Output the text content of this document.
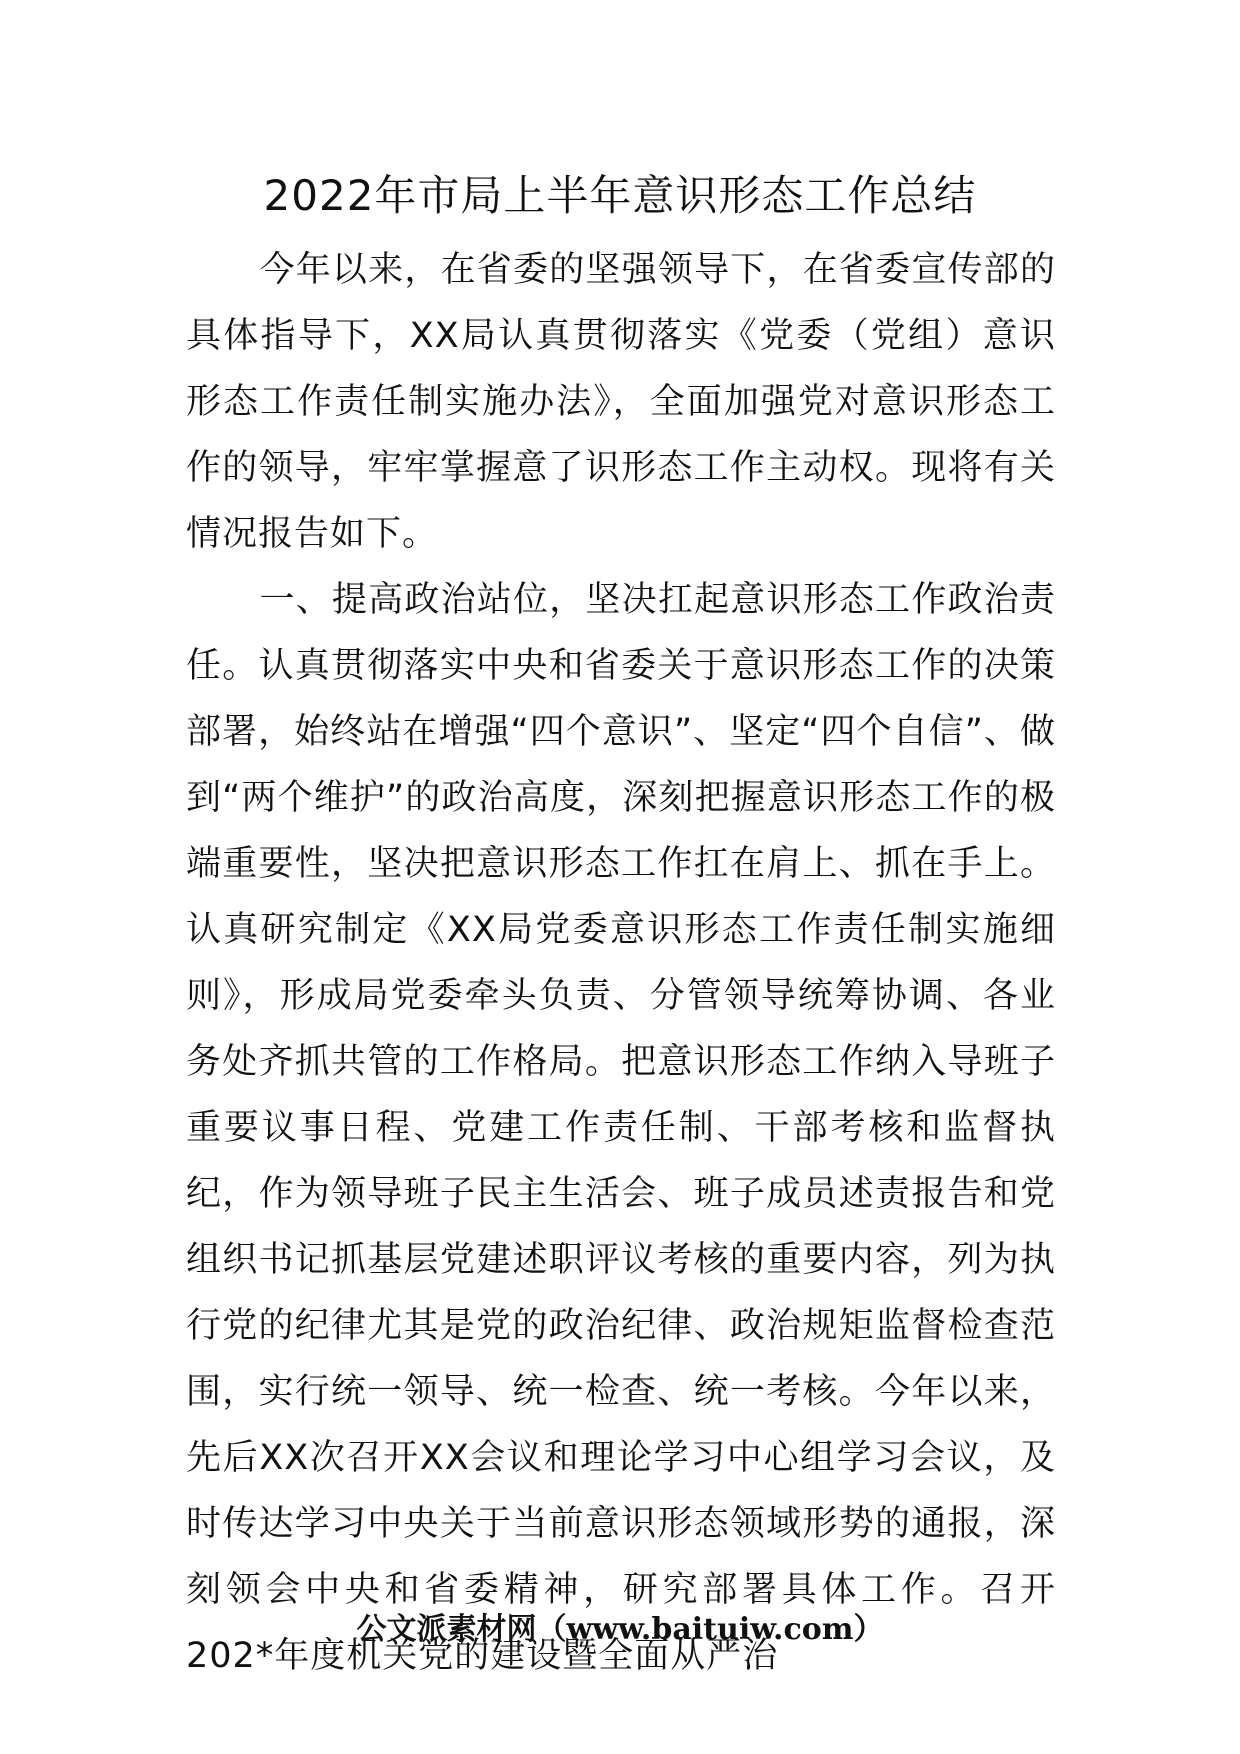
2022年市局上半年意识形态工作总结

今年以来，在省委的坚强领导下，在省委宣传部的具体指导下，XX局认真贯彻落实《党委（党组）意识形态工作责任制实施办法》，全面加强党对意识形态工作的领导，牢牢掌握意了识形态工作主动权。现将有关情况报告如下。

一、提高政治站位，坚决扛起意识形态工作政治责任。认真贯彻落实中央和省委关于意识形态工作的决策部署，始终站在增强“四个意识”、坚定“四个自信”、做到“两个维护”的政治高度，深刻把握意识形态工作的极端重要性，坚决把意识形态工作扛在肩上、抓在手上。认真研究制定《XX局党委意识形态工作责任制实施细则》，形成局党委牵头负责、分管领导统筹协调、各业务处齐抓共管的工作格局。把意识形态工作纳入导班子重要议事日程、党建工作责任制、干部考核和监督执纪，作为领导班子民主生活会、班子成员述责报告和党组织书记抓基层党建述职评议考核的重要内容，列为执行党的纪律尤其是党的政治纪律、政治规矩监督检查范围，实行统一领导、统一检查、统一考核。今年以来，先后XX次召开XX会议和理论学习中心组学习会议，及时传达学习中央关于当前意识形态领域形势的通报，深刻领会中央和省委精神，研究部署具体工作。召开202*年度机关党的建设暨全面从严治

公文派素材网（www.baituiw.com）
